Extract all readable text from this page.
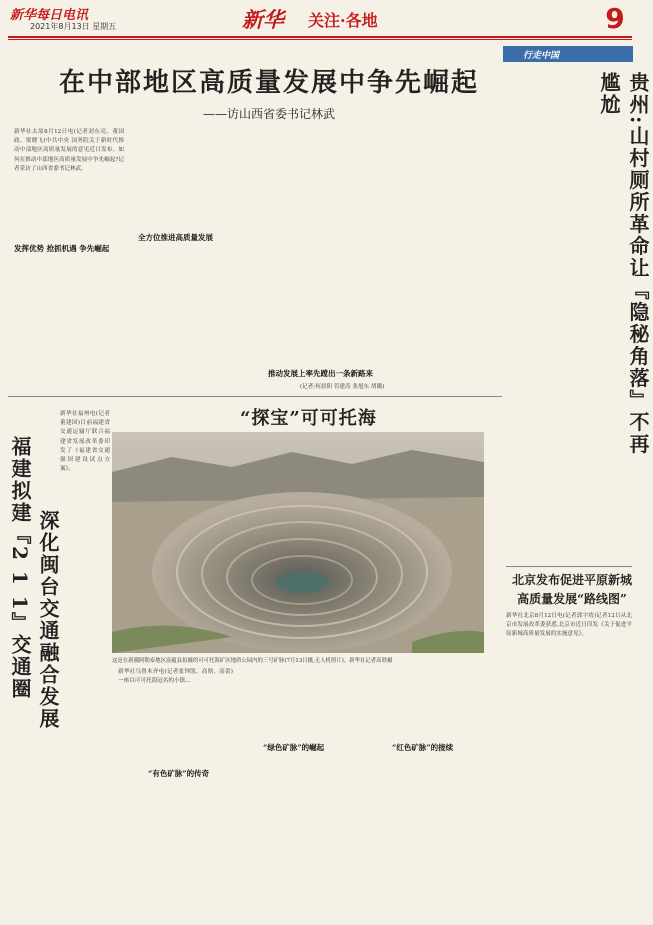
新华每日电讯
2021年8月13日 星期五	新华 关注·各地	9
在中部地区高质量发展中争先崛起
——访山西省委书记林武
新华社太原8月12日电(记者刘东亮、董国政、梁晓飞)中共中央 国务院关于新时代推动中部地区高质量发展的意见近日发布。如何在推动中部地区高质量发展中争先崛起?记者采访了山西省委书记林武。
发挥优势 抢抓机遇 争先崛起
全方位推进高质量发展
推动发展上率先蹚出一条新路来
(记者:何晨阳 管建涛 张旭东 胡璐)
福建拟建『2 1 1』交通圈 深化闽台交通融合发展
新华社福州电(记者董建国)日前福建省交通运输厅联合福建省发展改革委印发了《福建省交通强国建设试点方案》。
“探宝”可可托海
这是在新疆阿勒泰地区富蕴县拍摄的可可托海矿区地质公园内的三号矿脉(7月13日摄,无人机照片)。新华社记者高晗摄
新华社乌鲁木齐电(记者张钟凯、高晗、高蕾)一座以可可托海冠名的小镇...
“有色矿脉”的传奇
“绿色矿脉”的崛起	“红色矿脉”的接续
行走中国
贵州:山村厕所革命让『隐秘角落』不再尴尬
北京发布促进平原新城
高质量发展“路线图”
新华社北京8月12日电(记者郭宇靖)记者12日从北京市发展改革委获悉,北京市近日印发《关于促进平原新城高质量发展的实施意见》。
